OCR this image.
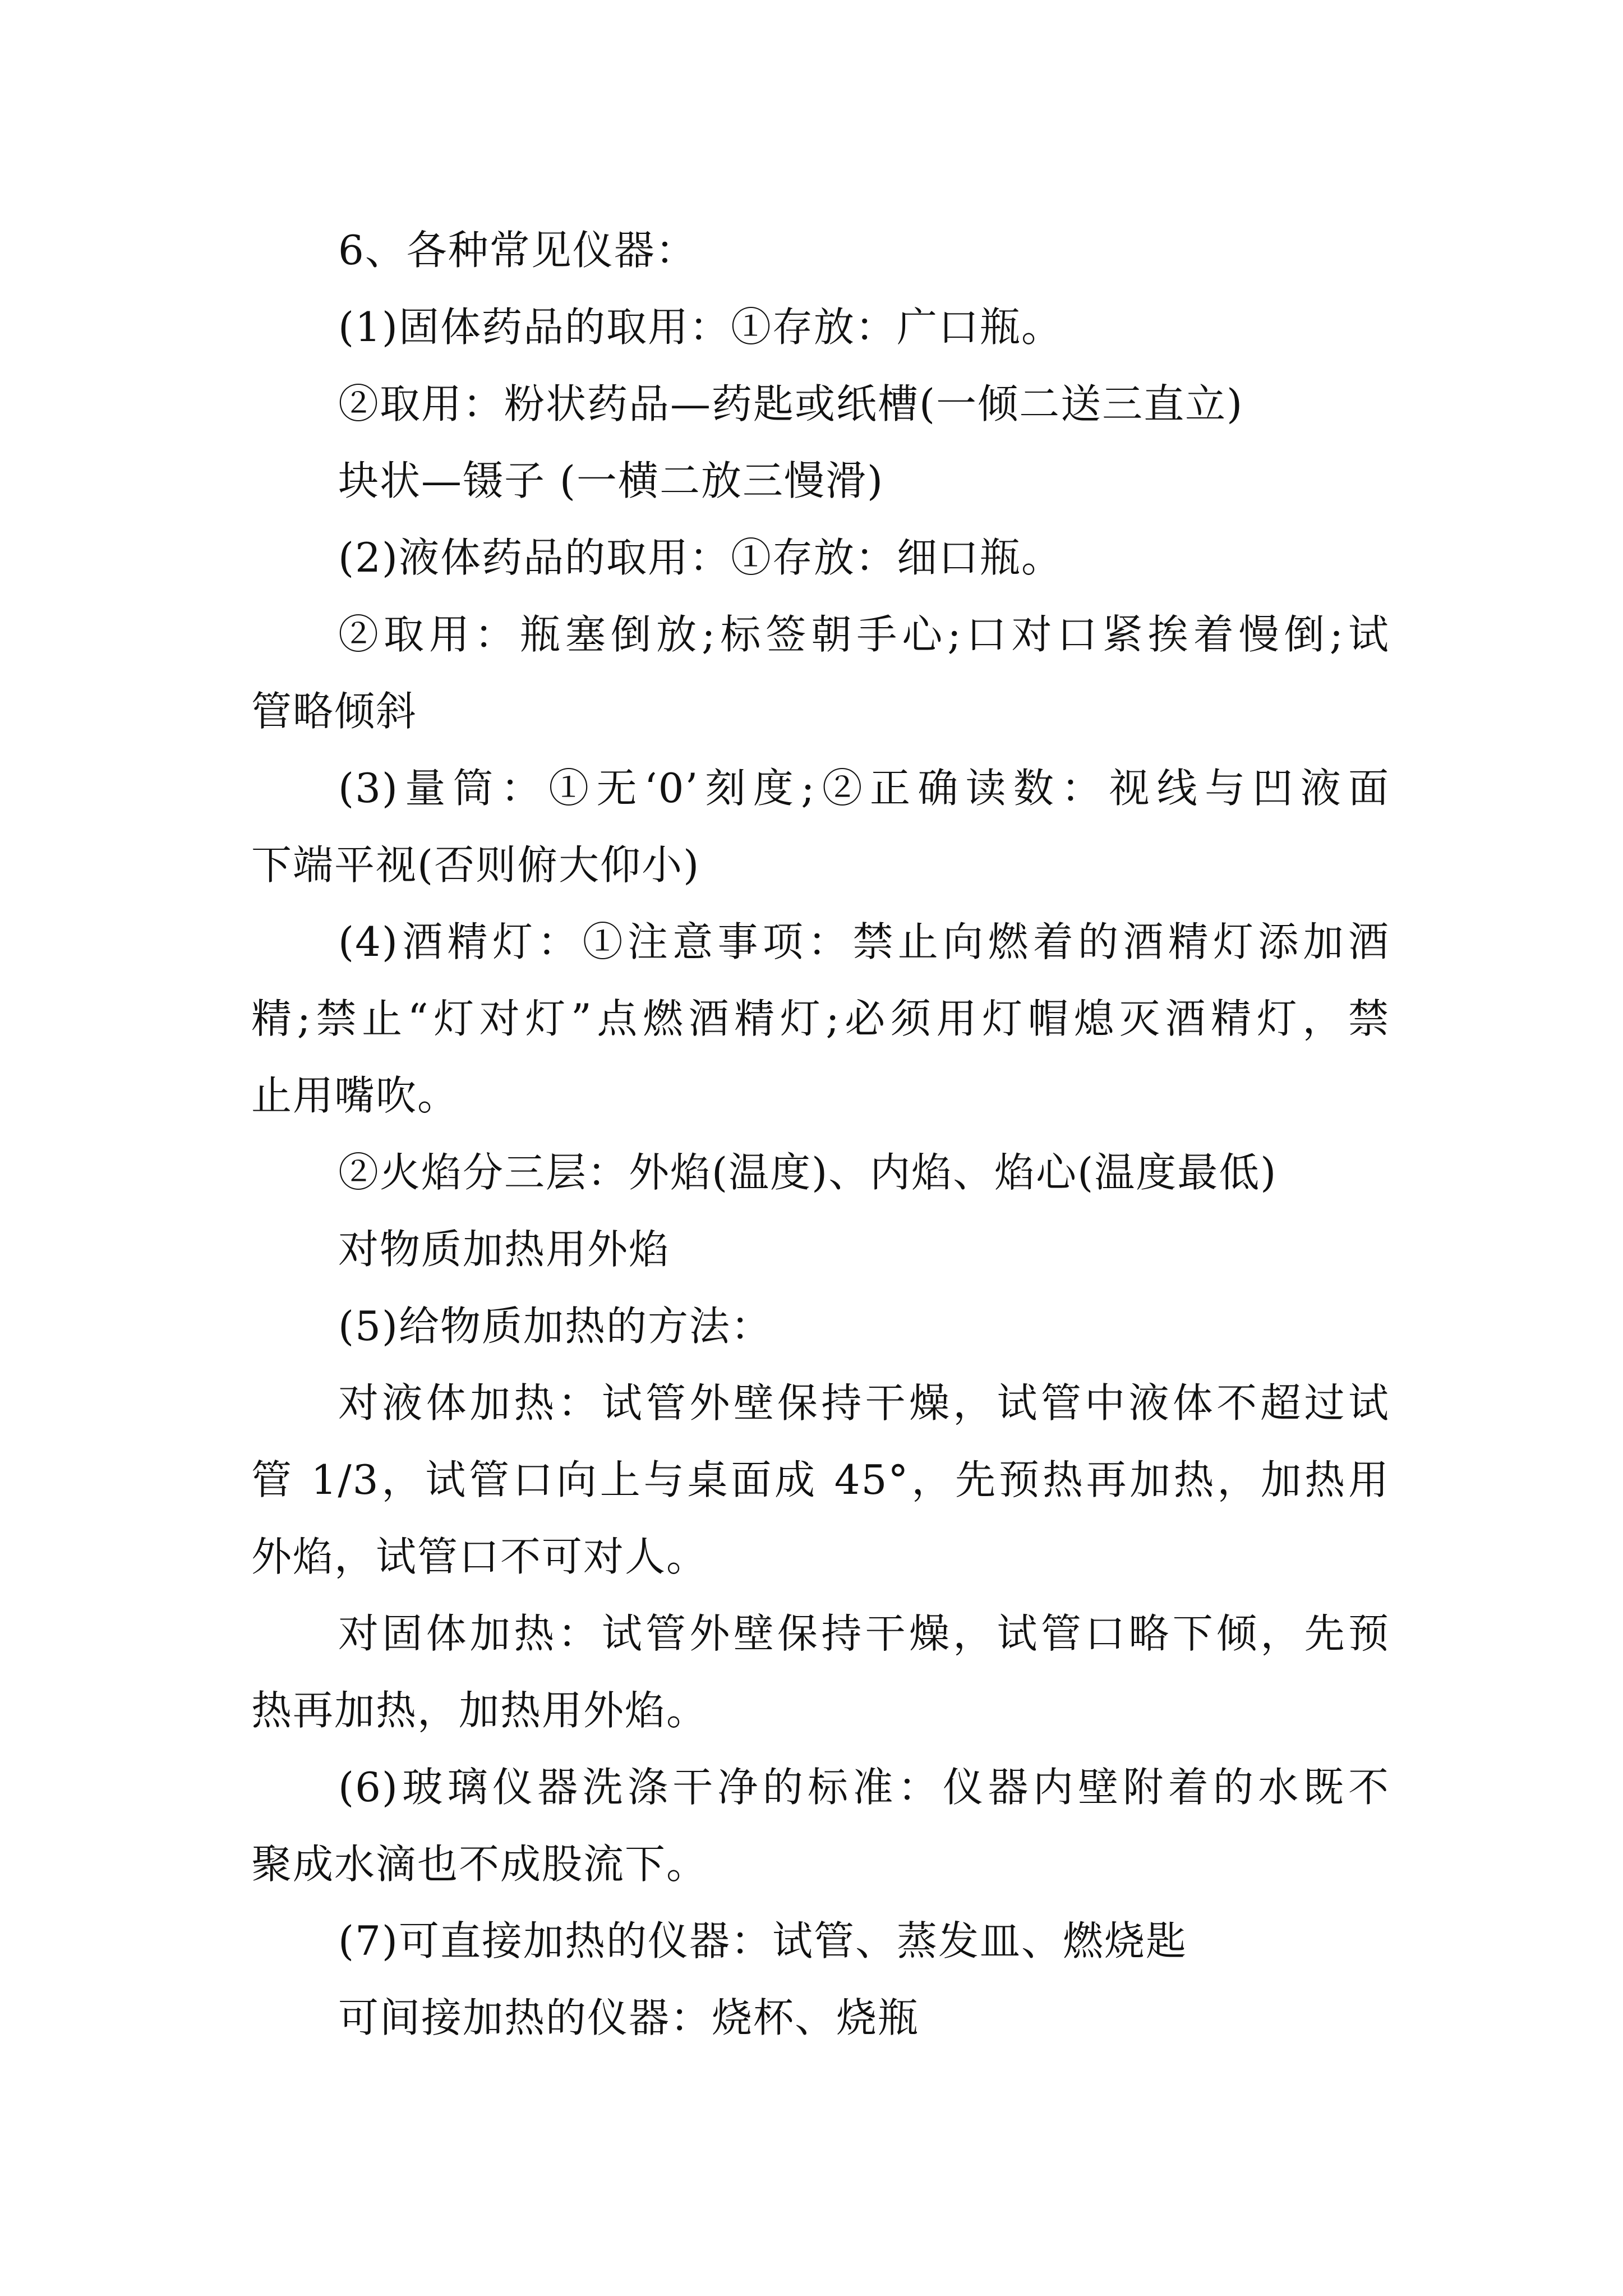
6、各种常见仪器：
(1)固体药品的取用：①存放：广口瓶。
②取用：粉状药品—药匙或纸槽(一倾二送三直立)
块状—镊子 (一横二放三慢滑)
(2)液体药品的取用：①存放：细口瓶。
②取用：瓶塞倒放;标签朝手心;口对口紧挨着慢倒;试
管略倾斜
(3)量筒：①无‘0’刻度;②正确读数：视线与凹液面
下端平视(否则俯大仰小)
(4)酒精灯：①注意事项：禁止向燃着的酒精灯添加酒
精;禁止“灯对灯”点燃酒精灯;必须用灯帽熄灭酒精灯，禁
止用嘴吹。
②火焰分三层：外焰(温度)、内焰、焰心(温度最低)
对物质加热用外焰
(5)给物质加热的方法：
对液体加热：试管外壁保持干燥，试管中液体不超过试
管 1/3，试管口向上与桌面成 45°，先预热再加热，加热用
外焰，试管口不可对人。
对固体加热：试管外壁保持干燥，试管口略下倾，先预
热再加热，加热用外焰。
(6)玻璃仪器洗涤干净的标准：仪器内壁附着的水既不
聚成水滴也不成股流下。
(7)可直接加热的仪器：试管、蒸发皿、燃烧匙
可间接加热的仪器：烧杯、烧瓶
